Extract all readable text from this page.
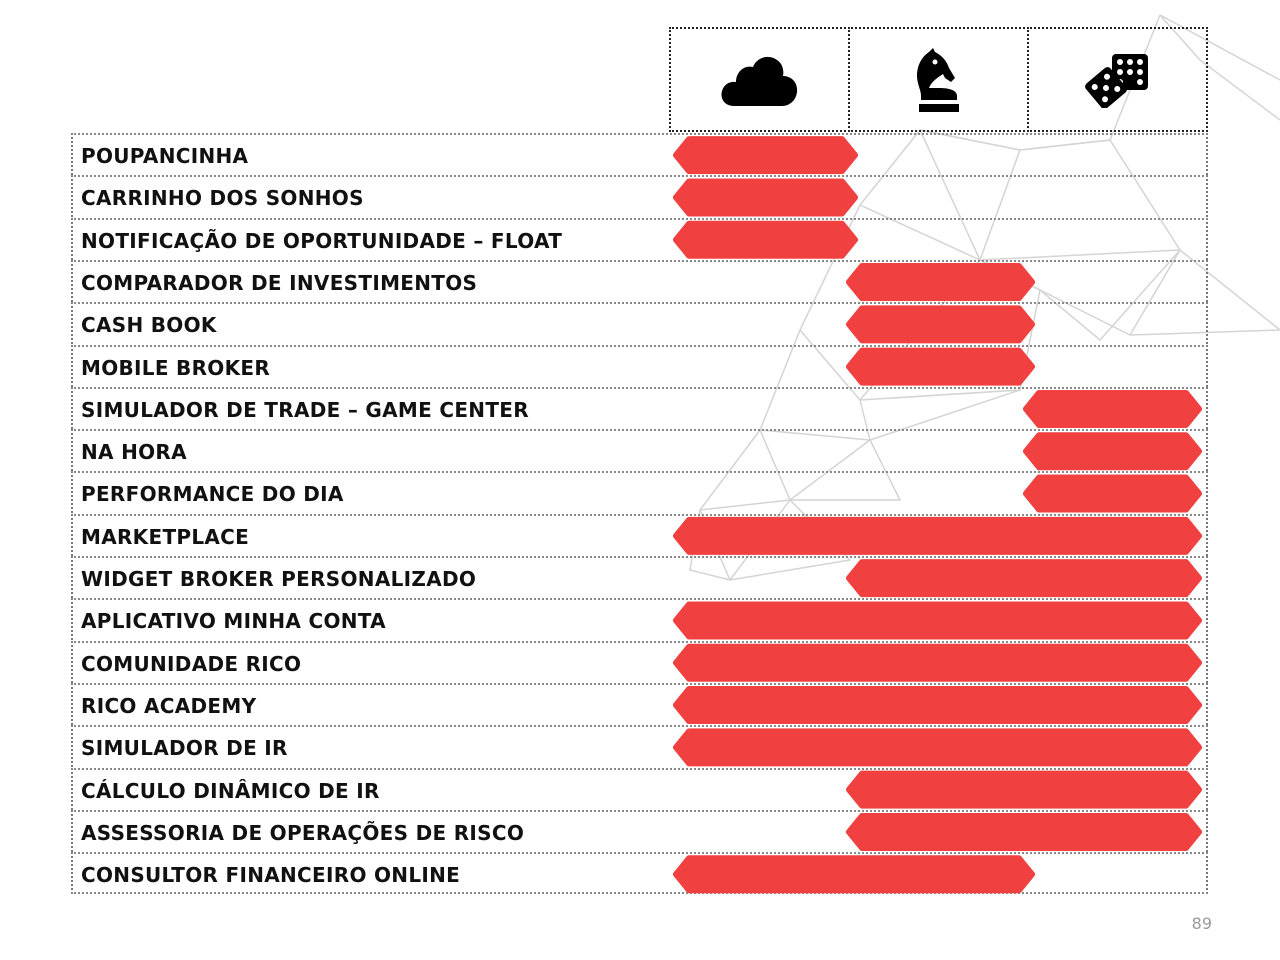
POUPANCINHA
CARRINHO DOS SONHOS
NOTIFICAÇÃO DE OPORTUNIDADE – FLOAT
COMPARADOR DE INVESTIMENTOS
CASH BOOK
MOBILE BROKER
SIMULADOR DE TRADE – GAME CENTER
NA HORA
PERFORMANCE DO DIA
MARKETPLACE
WIDGET BROKER PERSONALIZADO
APLICATIVO MINHA CONTA
COMUNIDADE RICO
RICO ACADEMY
SIMULADOR DE IR
CÁLCULO DINÂMICO DE IR
ASSESSORIA DE OPERAÇÕES DE RISCO
CONSULTOR FINANCEIRO ONLINE
89
